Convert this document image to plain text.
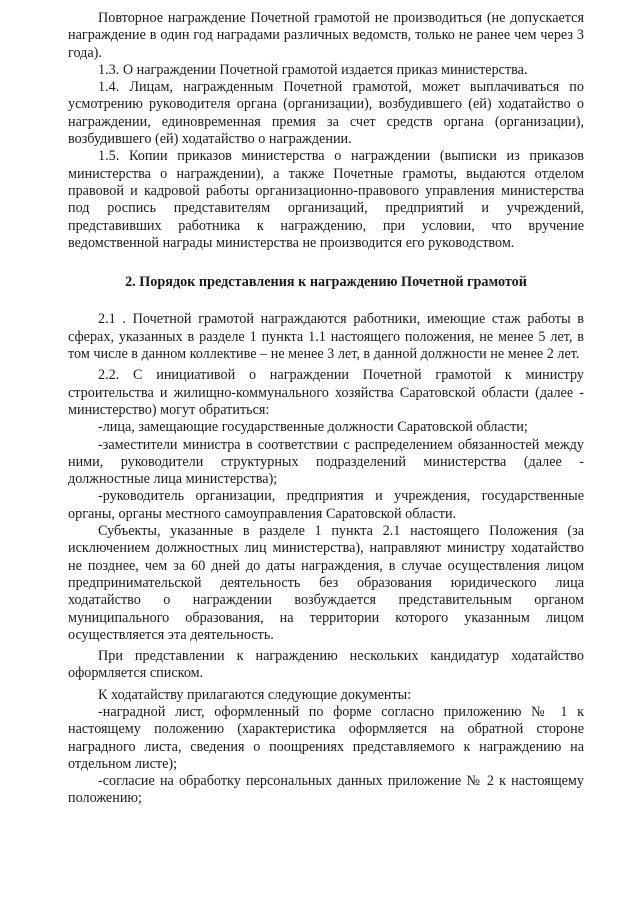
Повторное награждение Почетной грамотой не производиться (не допускается награждение в один год наградами различных ведомств, только не ранее чем через 3 года).

1.3. О награждении Почетной грамотой издается приказ министерства.

1.4. Лицам, награжденным Почетной грамотой, может выплачиваться по усмотрению руководителя органа (организации), возбудившего (ей) ходатайство о награждении, единовременная премия за счет средств органа (организации), возбудившего (ей) ходатайство о награждении.

1.5. Копии приказов министерства о награждении (выписки из приказов министерства о награждении), а также Почетные грамоты, выдаются отделом правовой и кадровой работы организационно-правового управления министерства под роспись представителям организаций, предприятий и учреждений, представивших работника к награждению, при условии, что вручение ведомственной награды министерства не производится его руководством.

2. Порядок представления к награждению Почетной грамотой

2.1 . Почетной грамотой награждаются работники, имеющие стаж работы в сферах, указанных в разделе 1 пункта 1.1 настоящего положения, не менее 5 лет, в том числе в данном коллективе – не менее 3 лет, в данной должности не менее 2 лет.

2.2. С инициативой о награждении Почетной грамотой к министру строительства и жилищно-коммунального хозяйства Саратовской области (далее - министерство) могут обратиться:

-лица, замещающие государственные должности Саратовской области;

-заместители министра в соответствии с распределением обязанностей между ними, руководители структурных подразделений министерства (далее - должностные лица министерства);

-руководитель организации, предприятия и учреждения, государственные органы, органы местного самоуправления Саратовской области.

Субъекты, указанные в разделе 1 пункта 2.1 настоящего Положения (за исключением должностных лиц министерства), направляют министру ходатайство не позднее, чем за 60 дней до даты награждения, в случае осуществления лицом предпринимательской деятельность без образования юридического лица ходатайство о награждении возбуждается представительным органом муниципального образования, на территории которого указанным лицом осуществляется эта деятельность.

При представлении к награждению нескольких кандидатур ходатайство оформляется списком.

К ходатайству прилагаются следующие документы:

-наградной лист, оформленный по форме согласно приложению № 1 к настоящему положению (характеристика оформляется на обратной стороне наградного листа, сведения о поощрениях представляемого к награждению на отдельном листе);

-согласие на обработку персональных данных приложение № 2 к настоящему положению;
